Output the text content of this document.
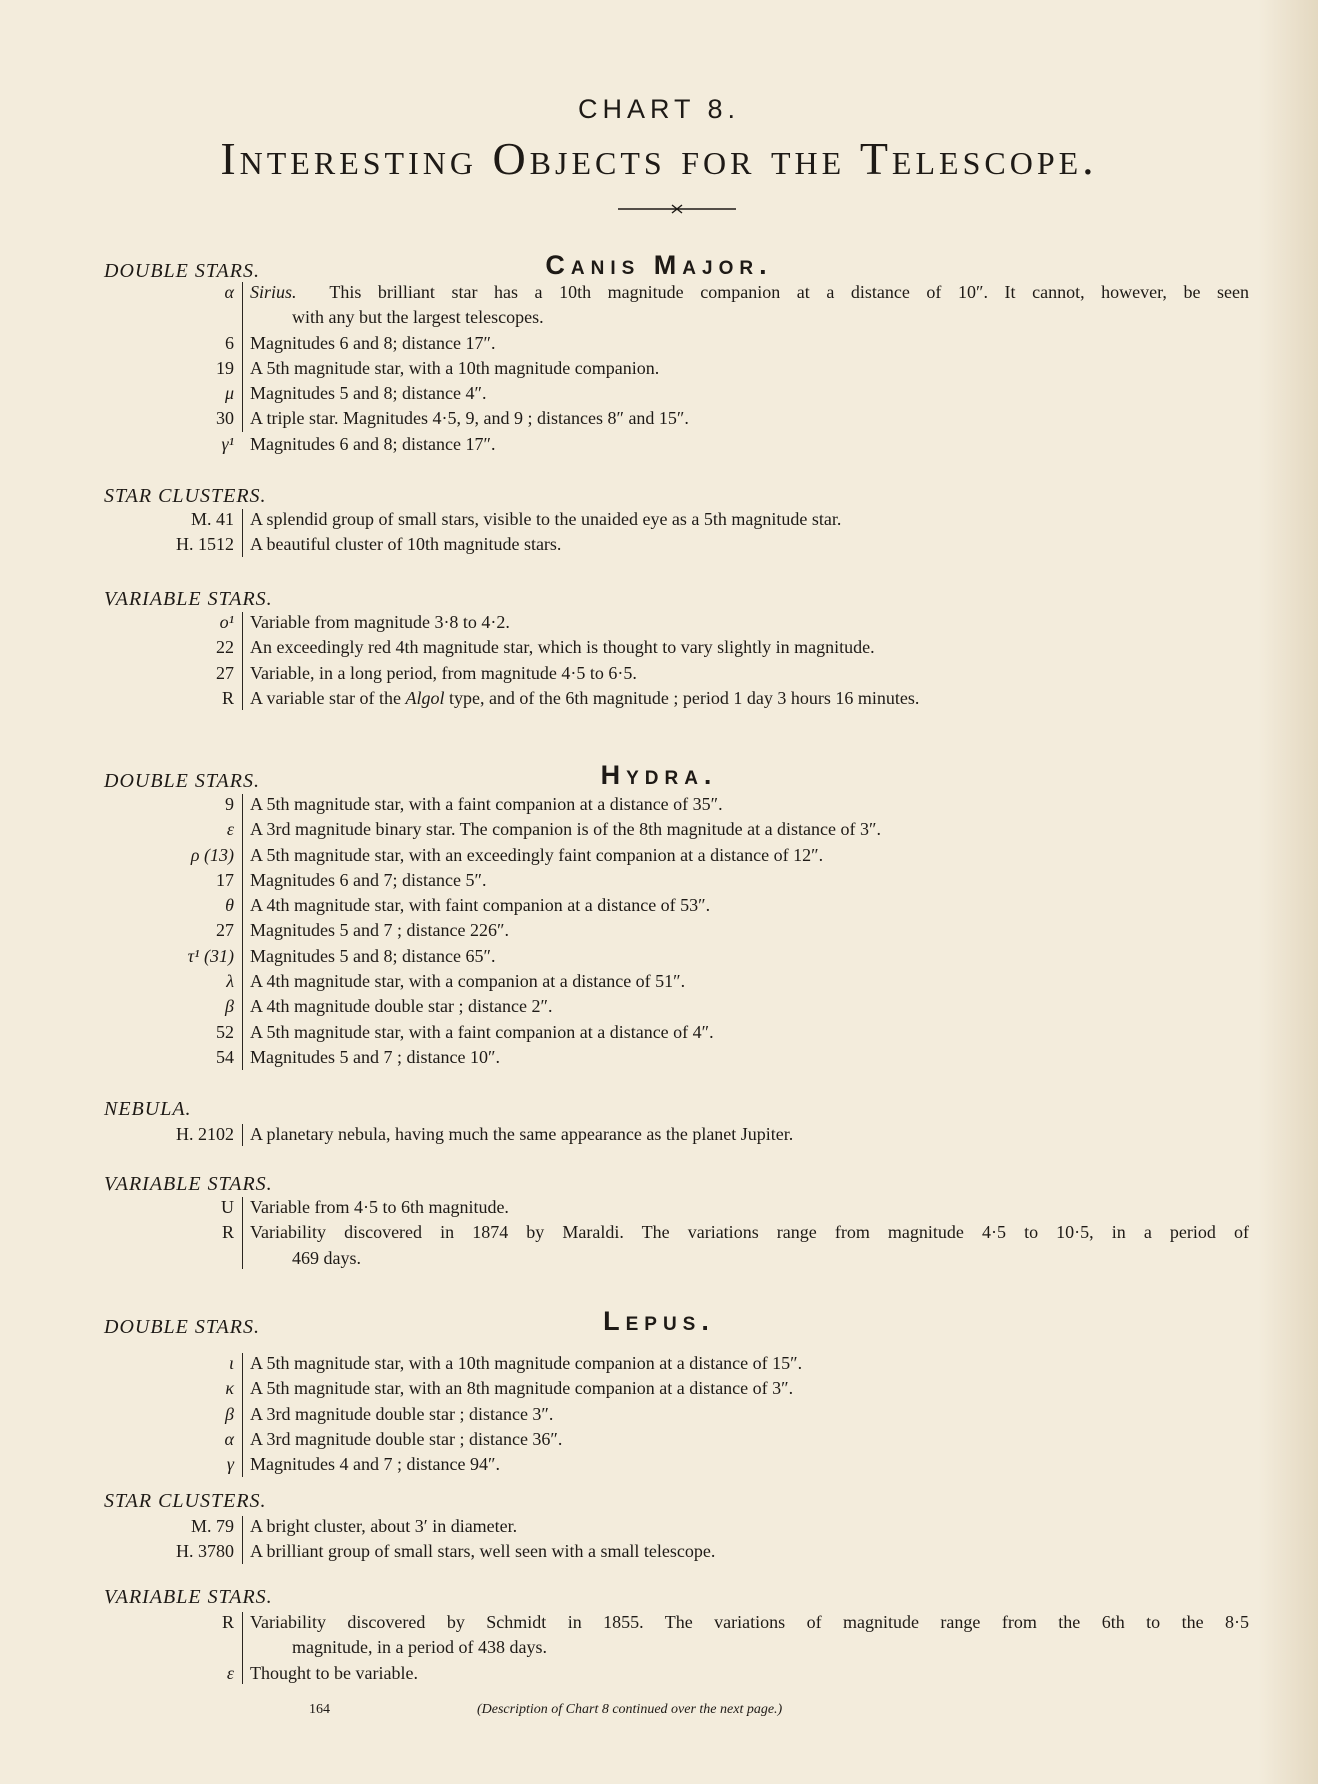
CHART 8.
Interesting Objects for the Telescope.
Canis Major.
DOUBLE STARS.
α Sirius. This brilliant star has a 10th magnitude companion at a distance of 10″. It cannot, however, be seen
with any but the largest telescopes.
6 Magnitudes 6 and 8; distance 17″.
19 A 5th magnitude star, with a 10th magnitude companion.
μ Magnitudes 5 and 8; distance 4″.
30 A triple star. Magnitudes 4·5, 9, and 9 ; distances 8″ and 15″.
γ¹ Magnitudes 6 and 8; distance 17″.
STAR CLUSTERS.
M. 41 A splendid group of small stars, visible to the unaided eye as a 5th magnitude star.
H. 1512 A beautiful cluster of 10th magnitude stars.
VARIABLE STARS.
o¹ Variable from magnitude 3·8 to 4·2.
22 An exceedingly red 4th magnitude star, which is thought to vary slightly in magnitude.
27 Variable, in a long period, from magnitude 4·5 to 6·5.
R A variable star of the Algol type, and of the 6th magnitude ; period 1 day 3 hours 16 minutes.
Hydra.
DOUBLE STARS.
9 A 5th magnitude star, with a faint companion at a distance of 35″.
ε A 3rd magnitude binary star. The companion is of the 8th magnitude at a distance of 3″.
ρ (13) A 5th magnitude star, with an exceedingly faint companion at a distance of 12″.
17 Magnitudes 6 and 7; distance 5″.
θ A 4th magnitude star, with faint companion at a distance of 53″.
27 Magnitudes 5 and 7 ; distance 226″.
τ¹ (31) Magnitudes 5 and 8; distance 65″.
λ A 4th magnitude star, with a companion at a distance of 51″.
β A 4th magnitude double star ; distance 2″.
52 A 5th magnitude star, with a faint companion at a distance of 4″.
54 Magnitudes 5 and 7 ; distance 10″.
NEBULA.
H. 2102 A planetary nebula, having much the same appearance as the planet Jupiter.
VARIABLE STARS.
U Variable from 4·5 to 6th magnitude.
R Variability discovered in 1874 by Maraldi. The variations range from magnitude 4·5 to 10·5, in a period of
469 days.
Lepus.
DOUBLE STARS.
ι A 5th magnitude star, with a 10th magnitude companion at a distance of 15″.
κ A 5th magnitude star, with an 8th magnitude companion at a distance of 3″.
β A 3rd magnitude double star ; distance 3″.
α A 3rd magnitude double star ; distance 36″.
γ Magnitudes 4 and 7 ; distance 94″.
STAR CLUSTERS.
M. 79 A bright cluster, about 3′ in diameter.
H. 3780 A brilliant group of small stars, well seen with a small telescope.
VARIABLE STARS.
R Variability discovered by Schmidt in 1855. The variations of magnitude range from the 6th to the 8·5
magnitude, in a period of 438 days.
ε Thought to be variable.
164	(Description of Chart 8 continued over the next page.)
